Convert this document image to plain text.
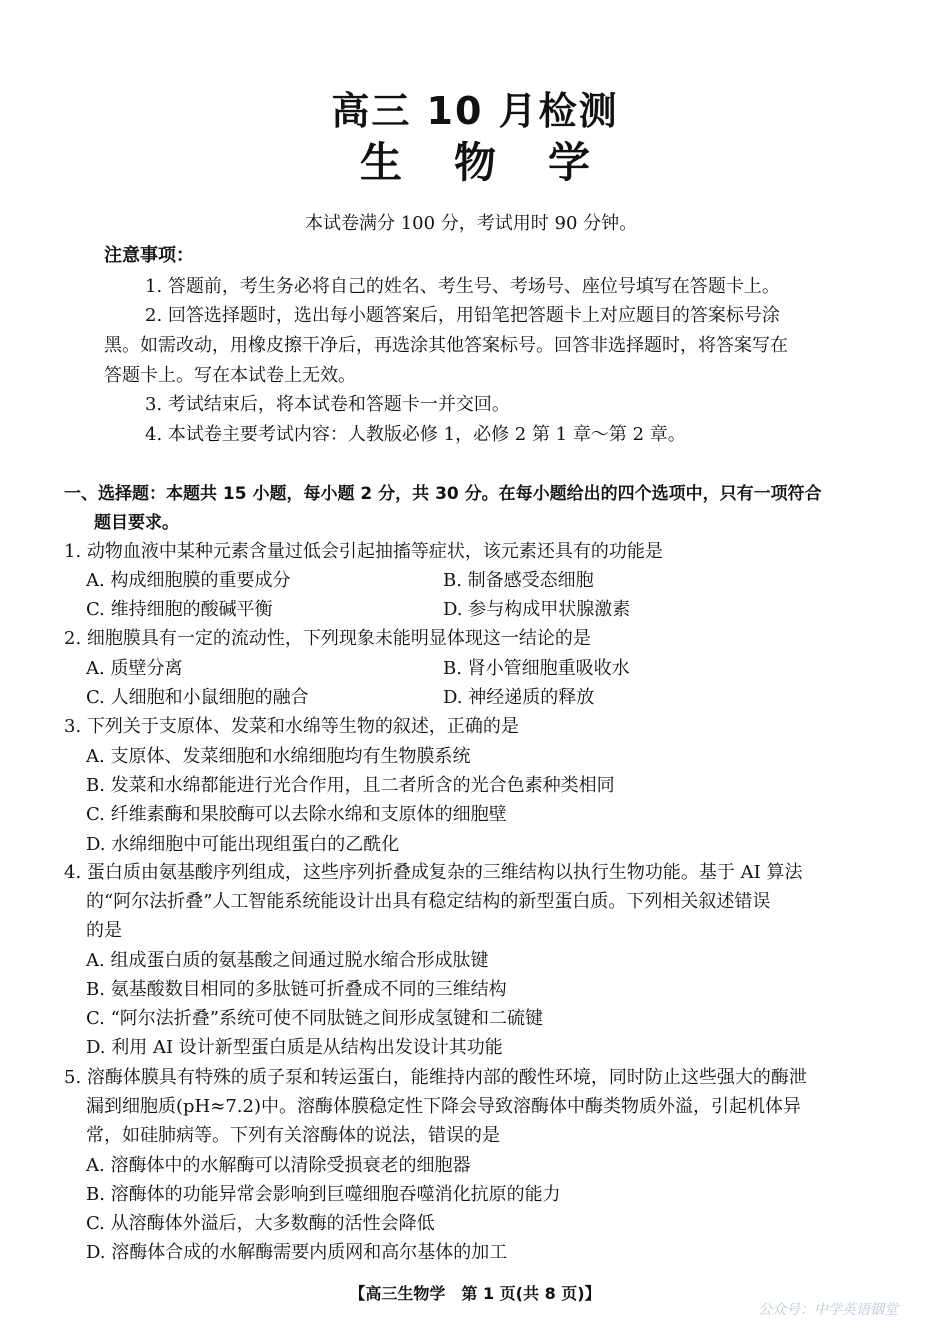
高三 10 月检测
生物学
本试卷满分 100 分，考试用时 90 分钟。
注意事项：
1. 答题前，考生务必将自己的姓名、考生号、考场号、座位号填写在答题卡上。
2. 回答选择题时，选出每小题答案后，用铅笔把答题卡上对应题目的答案标号涂
黑。如需改动，用橡皮擦干净后，再选涂其他答案标号。回答非选择题时，将答案写在
答题卡上。写在本试卷上无效。
3. 考试结束后，将本试卷和答题卡一并交回。
4. 本试卷主要考试内容：人教版必修 1，必修 2 第 1 章～第 2 章。
一、选择题：本题共 15 小题，每小题 2 分，共 30 分。在每小题给出的四个选项中，只有一项符合
题目要求。
1. 动物血液中某种元素含量过低会引起抽搐等症状，该元素还具有的功能是
A. 构成细胞膜的重要成分	B. 制备感受态细胞
C. 维持细胞的酸碱平衡	D. 参与构成甲状腺激素
2. 细胞膜具有一定的流动性，下列现象未能明显体现这一结论的是
A. 质壁分离	B. 肾小管细胞重吸收水
C. 人细胞和小鼠细胞的融合	D. 神经递质的释放
3. 下列关于支原体、发菜和水绵等生物的叙述，正确的是
A. 支原体、发菜细胞和水绵细胞均有生物膜系统
B. 发菜和水绵都能进行光合作用，且二者所含的光合色素种类相同
C. 纤维素酶和果胶酶可以去除水绵和支原体的细胞壁
D. 水绵细胞中可能出现组蛋白的乙酰化
4. 蛋白质由氨基酸序列组成，这些序列折叠成复杂的三维结构以执行生物功能。基于 AI 算法
的“阿尔法折叠”人工智能系统能设计出具有稳定结构的新型蛋白质。下列相关叙述错误
的是
A. 组成蛋白质的氨基酸之间通过脱水缩合形成肽键
B. 氨基酸数目相同的多肽链可折叠成不同的三维结构
C. “阿尔法折叠”系统可使不同肽链之间形成氢键和二硫键
D. 利用 AI 设计新型蛋白质是从结构出发设计其功能
5. 溶酶体膜具有特殊的质子泵和转运蛋白，能维持内部的酸性环境，同时防止这些强大的酶泄
漏到细胞质(pH≈7.2)中。溶酶体膜稳定性下降会导致溶酶体中酶类物质外溢，引起机体异
常，如硅肺病等。下列有关溶酶体的说法，错误的是
A. 溶酶体中的水解酶可以清除受损衰老的细胞器
B. 溶酶体的功能异常会影响到巨噬细胞吞噬消化抗原的能力
C. 从溶酶体外溢后，大多数酶的活性会降低
D. 溶酶体合成的水解酶需要内质网和高尔基体的加工
【高三生物学　第 1 页(共 8 页)】
公众号：中学英语铟堂
